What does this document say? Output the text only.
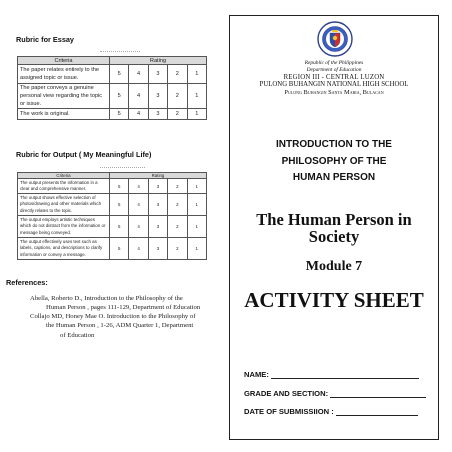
Rubric for Essay
Criteria	Rating				
The paper relates entirely to the assigned topic or issue.	5	4	3	2	1
The paper conveys a genuine personal view regarding the topic or issue.	5	4	3	2	1
The work is original.	5	4	3	2	1
Rubric for Output ( My Meaningful Life)
Criteria	Rating				
The output presents the information in a clear and comprehensive manner.	5	4	3	2	1
The output shows effective selection of photos/drawing and other materials which directly relates to the topic.	5	4	3	2	1
The output employs artistic techniques which do not distract from the information or message being conveyed.	5	4	3	2	1
The output effectively uses text such as labels, captions, and descriptions to clarify information or convey a message.	5	4	3	2	1
References:
Abella, Roberto D., Introduction to the Philosophy of the
Human Person , pages 111-129, Department of Education
Collajo MD, Honey Mae O. Introduction to the Philosophy of
the Human Person , 1-26, ADM Quarter 1, Department
of Education
Republic of the Philippines
Department of Education
REGION III - CENTRAL LUZON
PULONG BUHANGIN NATIONAL HIGH SCHOOL
Pulong Buhangin Santa Maria, Bulacan
INTRODUCTION TO THE
PHILOSOPHY OF THE
HUMAN PERSON
The Human Person in
Society
Module 7
ACTIVITY SHEET
NAME:
GRADE AND SECTION:
DATE OF SUBMISSIION :
